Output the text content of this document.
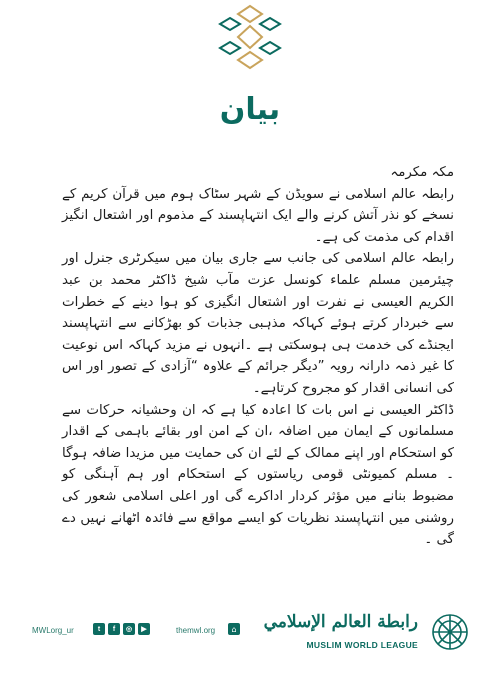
بیان

مکہ مکرمہ

رابطہ عالم اسلامی نے سویڈن کے شہر سٹاک ہوم میں قرآن کریم کے نسخے کو نذر آتش کرنے والے ایک انتہاپسند کے مذموم اور اشتعال انگیز اقدام کی مذمت کی ہے۔

رابطہ عالم اسلامی کی جانب سے جاری بیان میں سیکرٹری جنرل اور چیئرمین مسلم علماء کونسل عزت مآب شیخ ڈاکٹر محمد بن عبد الکریم العیسی نے نفرت اور اشتعال انگیزی کو ہوا دینے کے خطرات سے خبردار کرتے ہوئے کہاکہ مذہبی جذبات کو بھڑکانے سے انتہاپسند ایجنڈے کی خدمت ہی ہوسکتی ہے ۔انہوں نے مزید کہاکہ اس نوعیت کا غیر ذمہ دارانہ رویہ ”دیگر جرائم کے علاوہ “آزادی کے تصور اور اس کی انسانی اقدار کو مجروح کرتاہے۔

ڈاکٹر العیسی نے اس بات کا اعادہ کیا ہے کہ ان وحشیانہ حرکات سے مسلمانوں کے ایمان میں اضافہ ،ان کے امن اور بقائے باہمی کے اقدار کو استحکام اور اپنے ممالک کے لئے ان کی حمایت میں مزیدا ضافہ ہوگا ۔ مسلم کمیونٹی قومی ریاستوں کے استحکام اور ہم آہنگی کو مضبوط بنانے میں مؤثر کردار اداکرے گی اور اعلی اسلامی شعور کی روشنی میں انتہاپسند نظریات کو ایسے مواقع سے فائدہ اٹھانے نہیں دے گی ۔

MWLorg_ur	t	f	◎	▶	themwl.org	⌂ رابطة العالم الإسلامي
MUSLIM WORLD LEAGUE
